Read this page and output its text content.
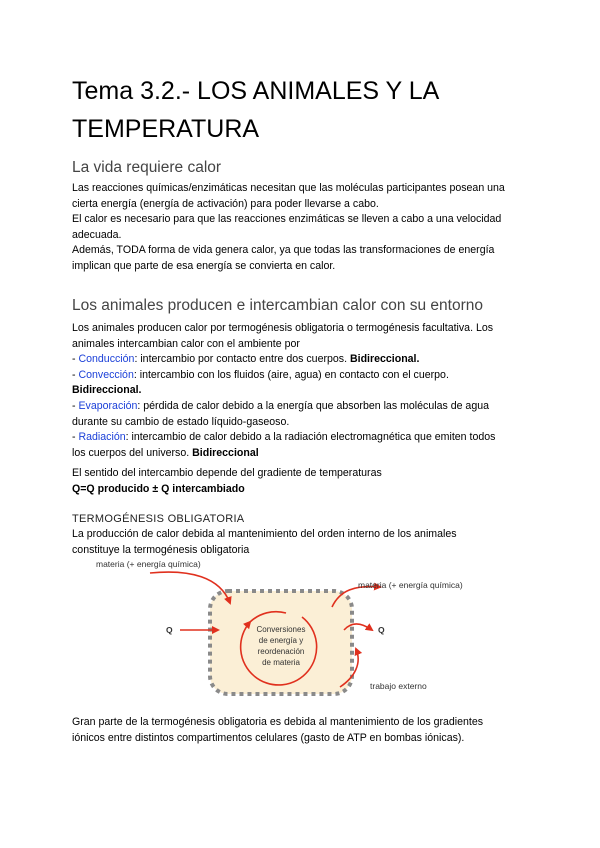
Tema 3.2.- LOS ANIMALES Y LA TEMPERATURA
La vida requiere calor
Las reacciones químicas/enzimáticas necesitan que las moléculas participantes posean una
cierta energía (energía de activación) para poder llevarse a cabo.
El calor es necesario para que las reacciones enzimáticas se lleven a cabo a una velocidad
adecuada.
Además, TODA forma de vida genera calor, ya que todas las transformaciones de energía
implican que parte de esa energía se convierta en calor.
Los animales producen e intercambian calor con su entorno
Los animales producen calor por termogénesis obligatoria o termogénesis facultativa. Los
animales intercambian calor con el ambiente por
- Conducción: intercambio por contacto entre dos cuerpos. Bidireccional.
- Convección: intercambio con los fluidos (aire, agua) en contacto con el cuerpo.
Bidireccional.
- Evaporación: pérdida de calor debido a la energía que absorben las moléculas de agua
durante su cambio de estado líquido-gaseoso.
- Radiación: intercambio de calor debido a la radiación electromagnética que emiten todos
los cuerpos del universo. Bidireccional
El sentido del intercambio depende del gradiente de temperaturas
Q=Q producido ± Q intercambiado
TERMOGÉNESIS OBLIGATORIA
La producción de calor debida al mantenimiento del orden interno de los animales
constituye la termogénesis obligatoria
Conversiones
de energía y
reordenación
de materia
materia (+ energía química)
materia (+ energía química)
Q	Q
trabajo externo
Gran parte de la termogénesis obligatoria es debida al mantenimiento de los gradientes
iónicos entre distintos compartimentos celulares (gasto de ATP en bombas iónicas).
